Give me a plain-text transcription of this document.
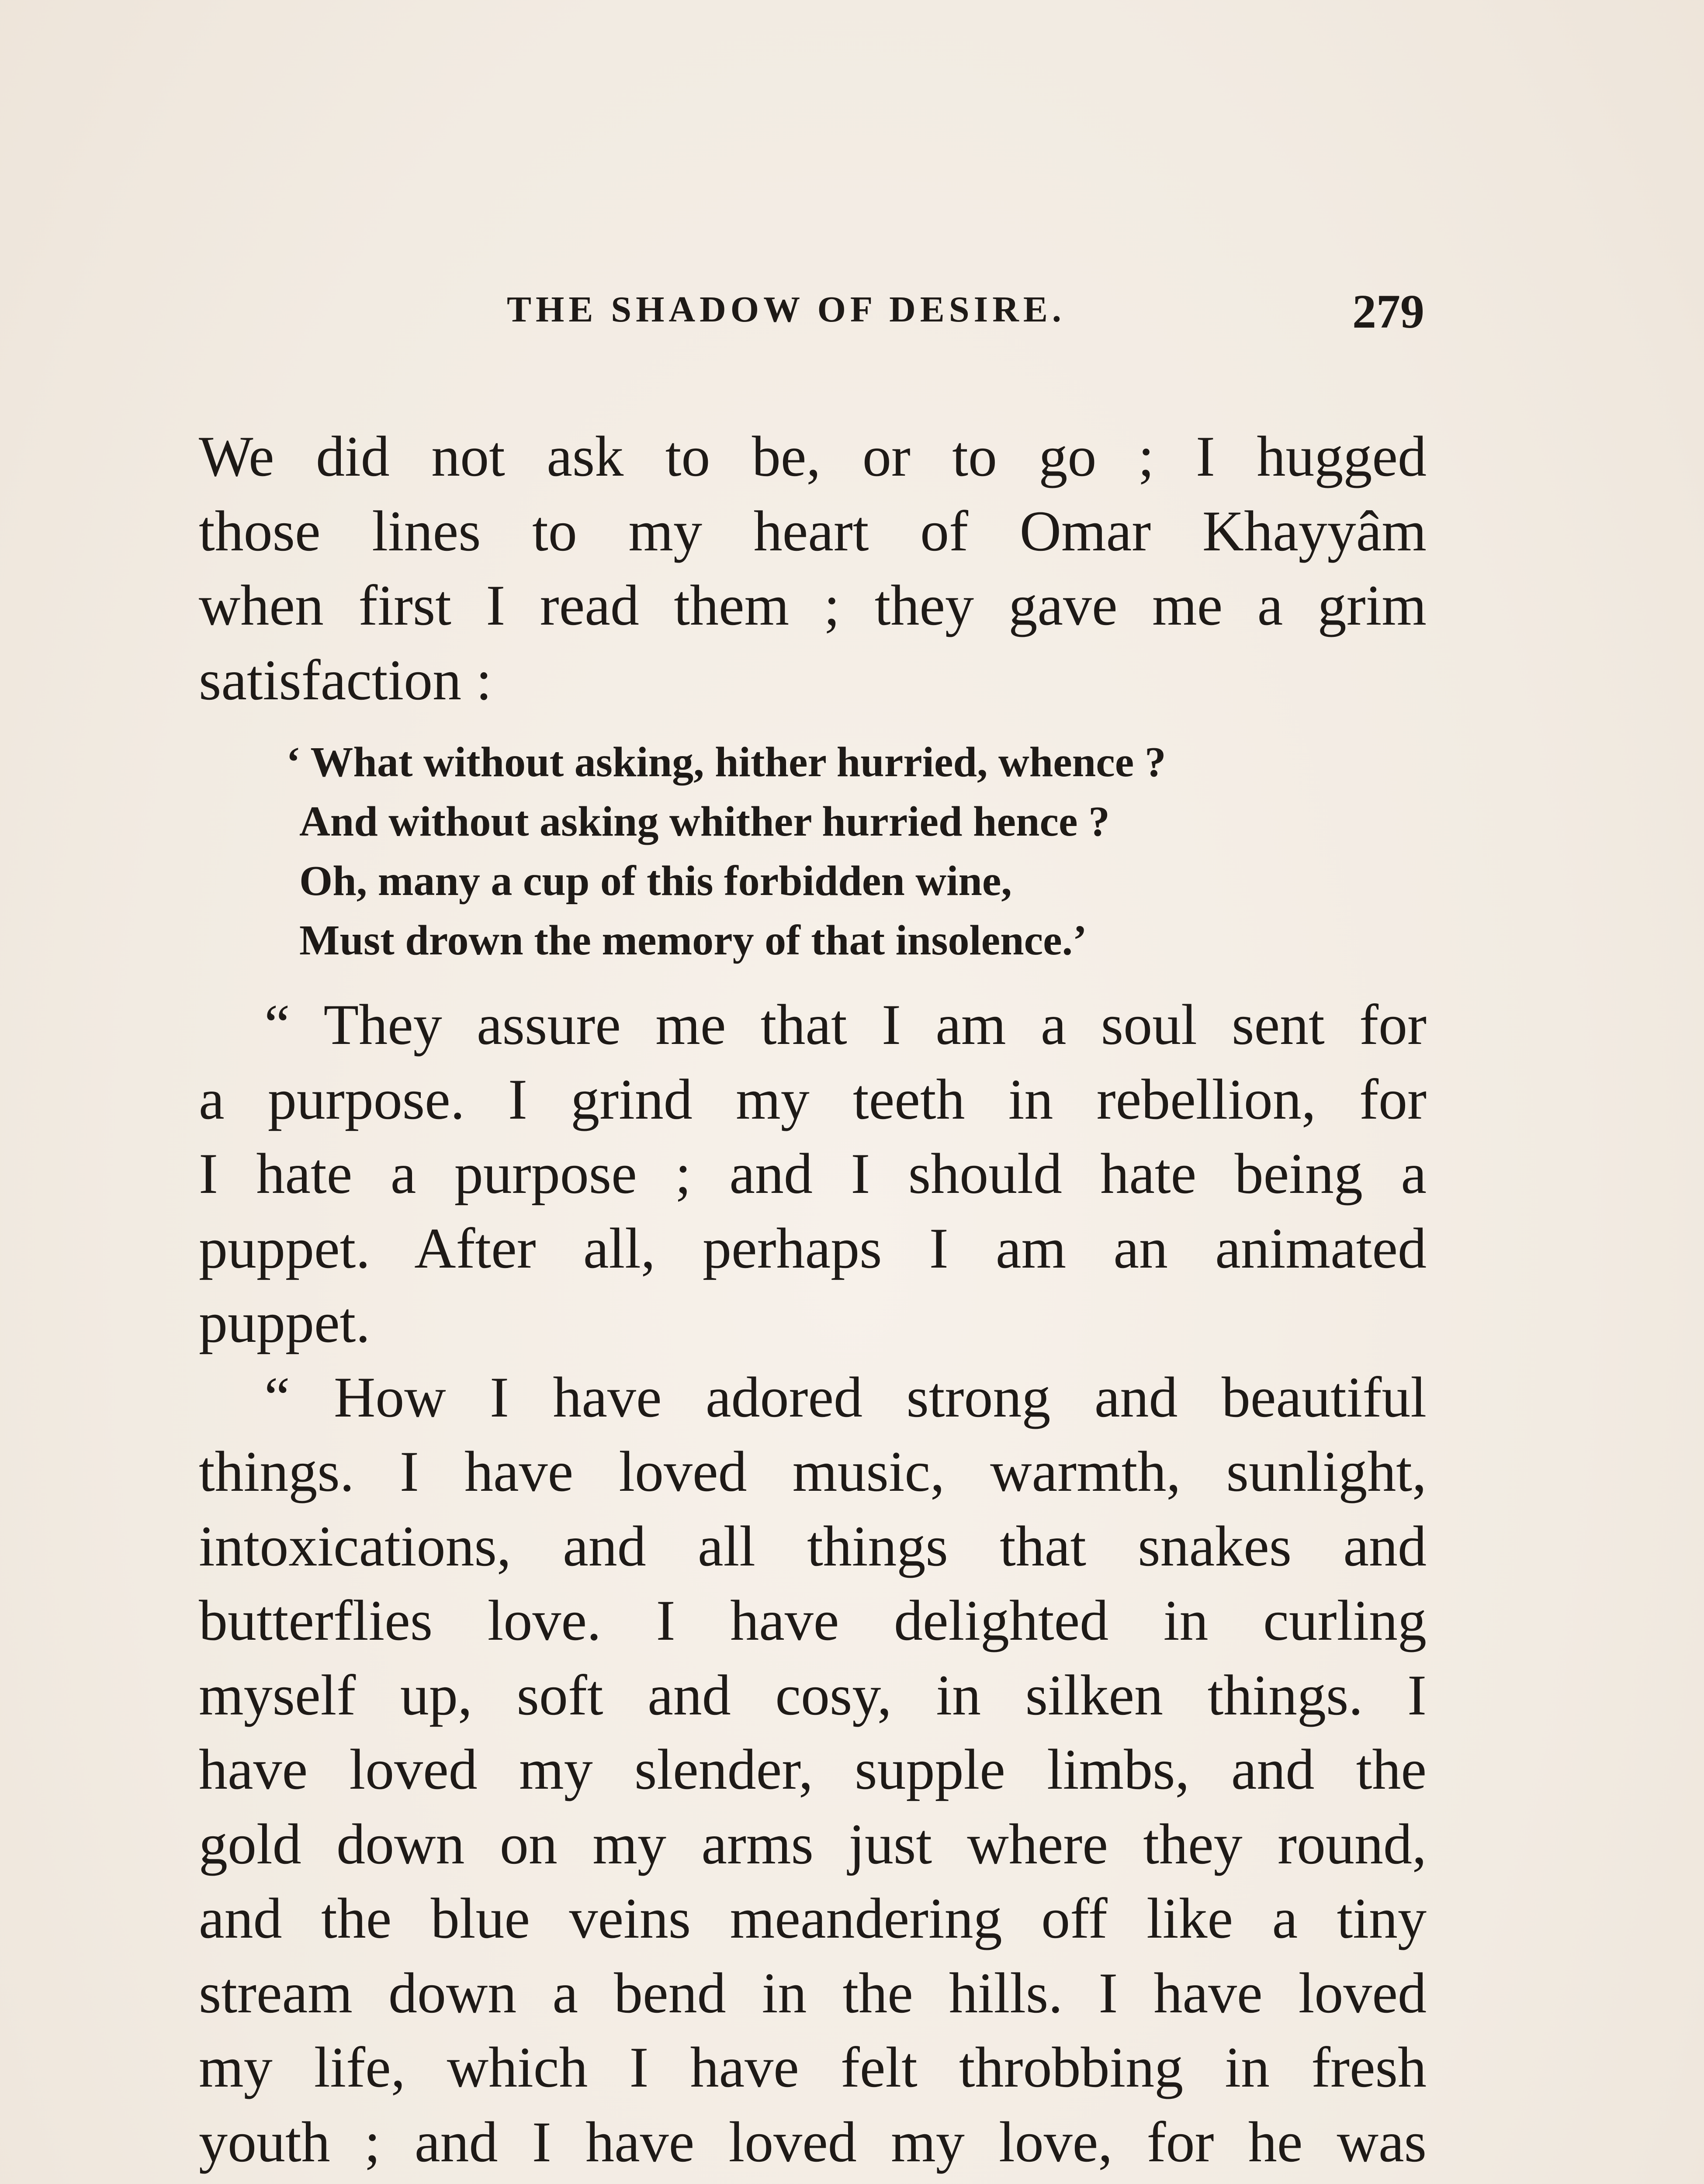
THE SHADOW OF DESIRE.	279

We did not ask to be, or to go ; I hugged

those lines to my heart of Omar Khayyâm

when first I read them ; they gave me a grim

satisfaction :

‘ What without asking, hither hurried, whence ?
And without asking whither hurried hence ?
Oh, many a cup of this forbidden wine,
Must drown the memory of that insolence.’

“ They assure me that I am a soul sent for

a purpose. I grind my teeth in rebellion, for

I hate a purpose ; and I should hate being a

puppet. After all, perhaps I am an animated

puppet.

“ How I have adored strong and beautiful

things. I have loved music, warmth, sunlight,

intoxications, and all things that snakes and

butterflies love. I have delighted in curling

myself up, soft and cosy, in silken things. I

have loved my slender, supple limbs, and the

gold down on my arms just where they round,

and the blue veins meandering off like a tiny

stream down a bend in the hills. I have loved

my life, which I have felt throbbing in fresh

youth ; and I have loved my love, for he was
